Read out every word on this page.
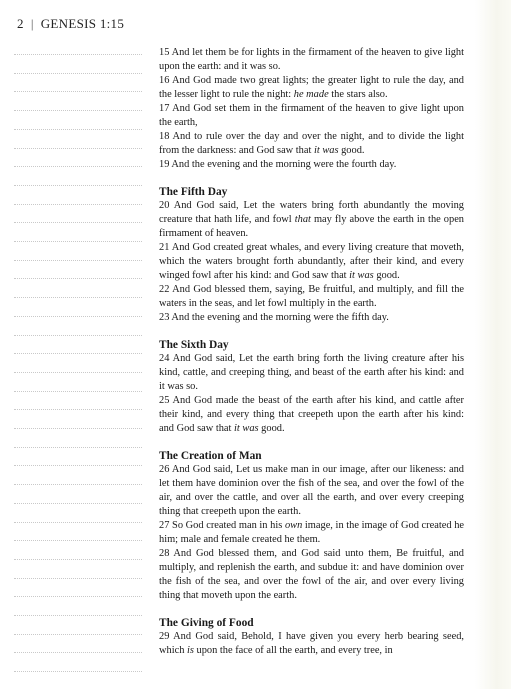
2 | GENESIS 1:15

15 And let them be for lights in the firmament of the heaven to give light upon the earth: and it was so.

16 And God made two great lights; the greater light to rule the day, and the lesser light to rule the night: he made the stars also.

17 And God set them in the firmament of the heaven to give light upon the earth,

18 And to rule over the day and over the night, and to divide the light from the darkness: and God saw that it was good.

19 And the evening and the morning were the fourth day.

The Fifth Day

20 And God said, Let the waters bring forth abundantly the moving creature that hath life, and fowl that may fly above the earth in the open firmament of heaven.

21 And God created great whales, and every living creature that moveth, which the waters brought forth abundantly, after their kind, and every winged fowl after his kind: and God saw that it was good.

22 And God blessed them, saying, Be fruitful, and multiply, and fill the waters in the seas, and let fowl multiply in the earth.

23 And the evening and the morning were the fifth day.

The Sixth Day

24 And God said, Let the earth bring forth the living creature after his kind, cattle, and creeping thing, and beast of the earth after his kind: and it was so.

25 And God made the beast of the earth after his kind, and cattle after their kind, and every thing that creepeth upon the earth after his kind: and God saw that it was good.

The Creation of Man

26 And God said, Let us make man in our image, after our likeness: and let them have dominion over the fish of the sea, and over the fowl of the air, and over the cattle, and over all the earth, and over every creeping thing that creepeth upon the earth.

27 So God created man in his own image, in the image of God created he him; male and female created he them.

28 And God blessed them, and God said unto them, Be fruitful, and multiply, and replenish the earth, and subdue it: and have dominion over the fish of the sea, and over the fowl of the air, and over every living thing that moveth upon the earth.

The Giving of Food

29 And God said, Behold, I have given you every herb bearing seed, which is upon the face of all the earth, and every tree, in
